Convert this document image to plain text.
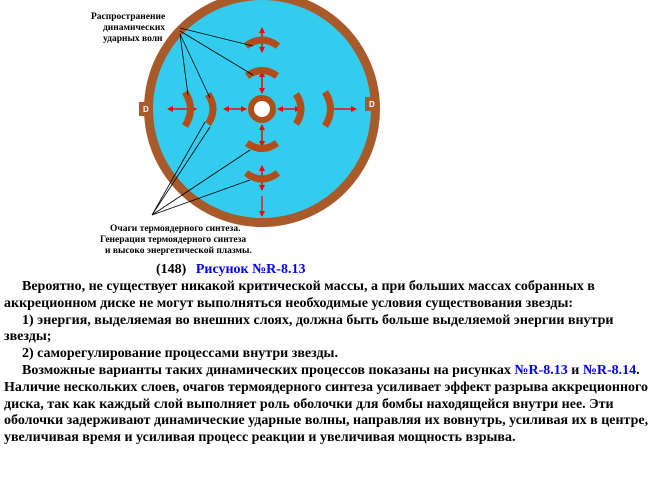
D
D
Распространение
динамических
ударных волн
Очаги термоядерного синтеза.
Генерация термоядерного синтеза
и высоко энергетической плазмы.
(148) Рисунок №R-8.13

Вероятно, не существует никакой критической массы, а при больших массах собранных в аккреционном диске не могут выполняться необходимые условия существования звезды:

1) энергия, выделяемая во внешних слоях, должна быть больше выделяемой энергии внутри звезды;

2) саморегулирование процессами внутри звезды.

Возможные варианты таких динамических процессов показаны на рисунках №R-8.13 и №R-8.14. Наличие нескольких слоев, очагов термоядерного синтеза усиливает эффект разрыва аккреционного диска, так как каждый слой выполняет роль оболочки для бомбы находящейся внутри нее. Эти оболочки задерживают динамические ударные волны, направляя их вовнутрь, усиливая их в центре, увеличивая время и усиливая процесс реакции и увеличивая мощность взрыва.
